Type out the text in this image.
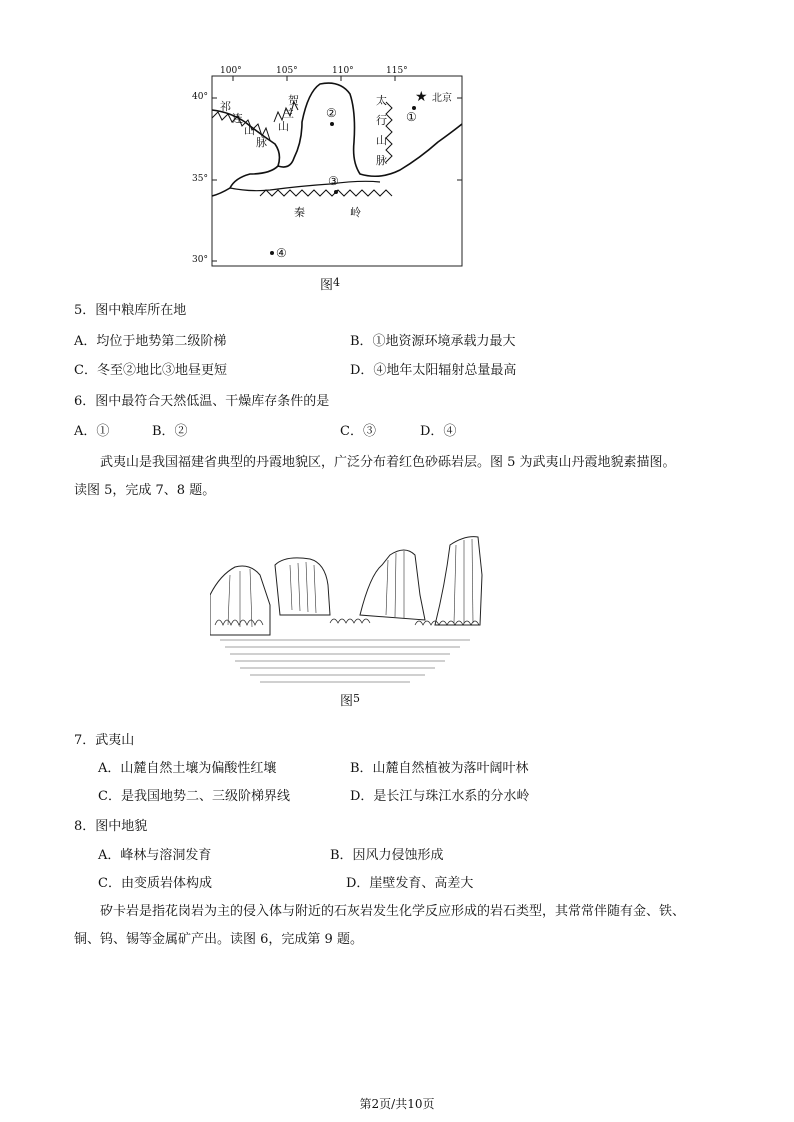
★
100°	105°	110°	115°
40°
35°
30°
北京
祁
连
山
脉
贺
兰
山
太
行
山
脉
秦	岭
①
②
③
④
图$^4$
5．图中粮库所在地
A．均位于地势第二级阶梯	B．①地资源环境承载力最大
C．冬至②地比③地昼更短	D．④地年太阳辐射总量最高
6．图中最符合天然低温、干燥库存条件的是
A．①	B．②	C．③	D．④
武夷山是我国福建省典型的丹霞地貌区，广泛分布着红色砂砾岩层。图 5 为武夷山丹霞地貌素描图。
读图 5，完成 7、8 题。
图$^5$
7．武夷山
A．山麓自然土壤为偏酸性红壤	B．山麓自然植被为落叶阔叶林
C．是我国地势二、三级阶梯界线	D．是长江与珠江水系的分水岭
8．图中地貌
A．峰林与溶洞发育	B．因风力侵蚀形成
C．由变质岩体构成	D．崖壁发育、高差大
矽卡岩是指花岗岩为主的侵入体与附近的石灰岩发生化学反应形成的岩石类型，其常常伴随有金、铁、
铜、钨、锡等金属矿产出。读图 6，完成第 9 题。
第2页/共10页
